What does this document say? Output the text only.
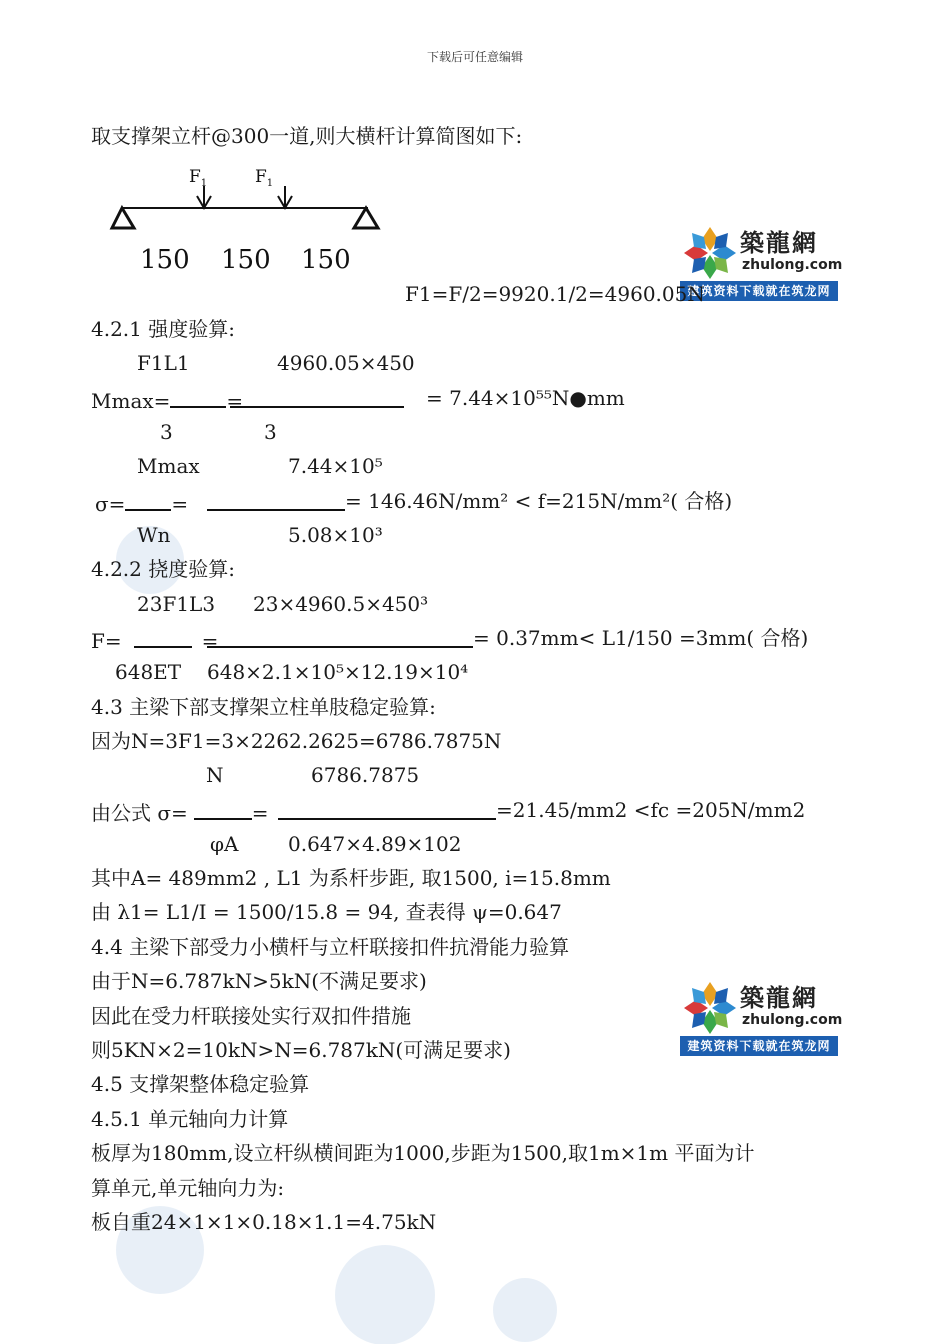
下载后可任意编辑
取支撑架立杆@300一道,则大横杆计算简图如下:
$F_1$	$F_1$
150 150 150
築龍網
zhulong.com
建筑资料下载就在筑龙网
F1=F/2=9920.1/2=4960.05N
4.2.1 强度验算:
F1L1	4960.05×450
Mmax=	=	= 7.44×10⁵⁵N●mm
3	3
Mmax	7.44×10⁵
σ= =	= 146.46N/mm² < f=215N/mm²( 合格)
Wn	5.08×10³
4.2.2 挠度验算:
23F1L3 23×4960.5×450³
F=	=	= 0.37mm< L1/150 =3mm( 合格)
648ET 648×2.1×10⁵×12.19×10⁴
4.3 主梁下部支撑架立柱单肢稳定验算:
因为N=3F1=3×2262.2625=6786.7875N
N	6786.7875
由公式 σ=	=	=21.45/mm2 <fc =205N/mm2
φA 0.647×4.89×102
其中A= 489mm2 , L1 为系杆步距, 取1500, i=15.8mm
由 λ1= L1/I = 1500/15.8 = 94, 查表得 ψ=0.647
4.4 主梁下部受力小横杆与立杆联接扣件抗滑能力验算
由于N=6.787kN>5kN(不满足要求)
因此在受力杆联接处实行双扣件措施
则5KN×2=10kN>N=6.787kN(可满足要求)
築龍網
zhulong.com
建筑资料下载就在筑龙网
4.5 支撑架整体稳定验算
4.5.1 单元轴向力计算
板厚为180mm,设立杆纵横间距为1000,步距为1500,取1m×1m 平面为计
算单元,单元轴向力为:
板自重24×1×1×0.18×1.1=4.75kN
